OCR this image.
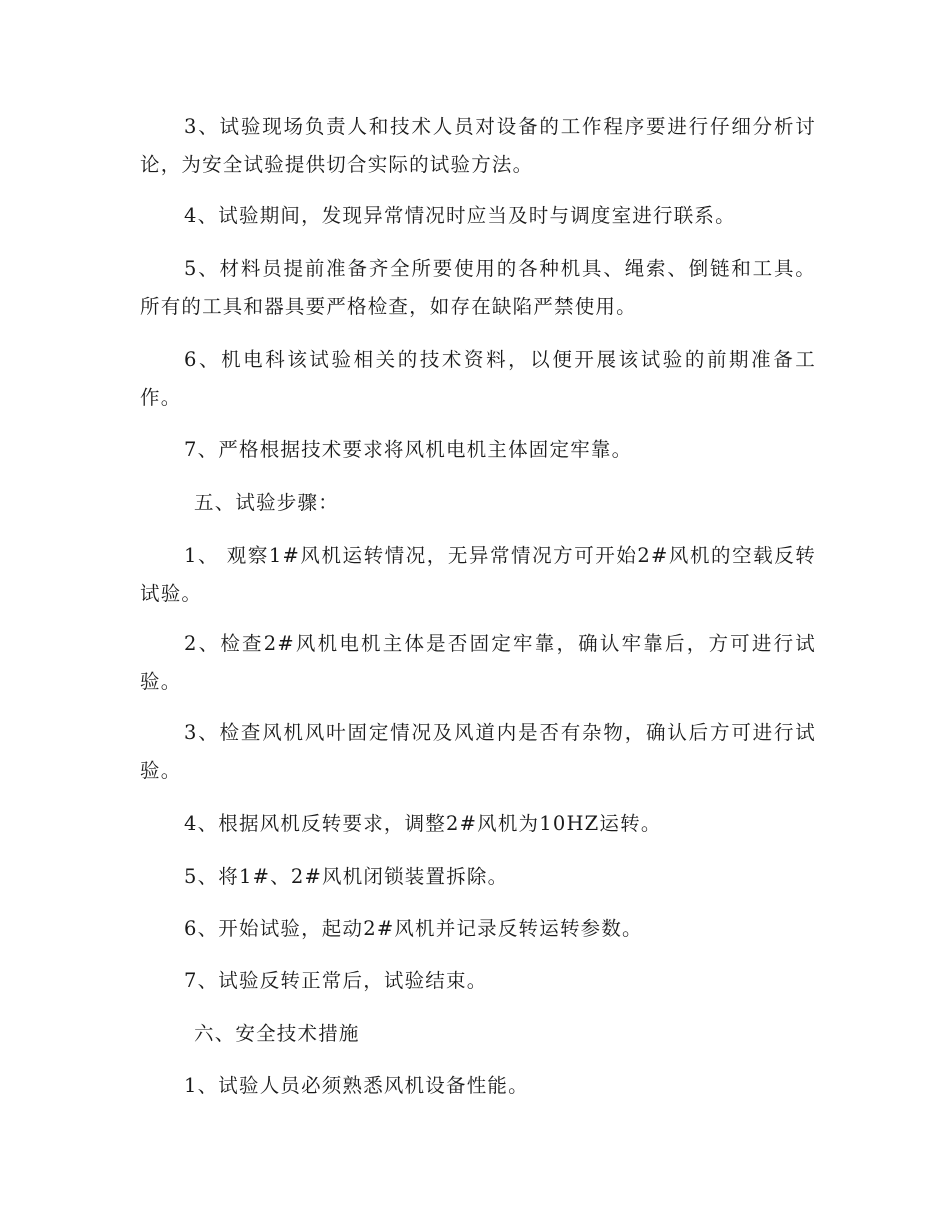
3、试验现场负责人和技术人员对设备的工作程序要进行仔细分析讨论，为安全试验提供切合实际的试验方法。

4、试验期间，发现异常情况时应当及时与调度室进行联系。

5、材料员提前准备齐全所要使用的各种机具、绳索、倒链和工具。所有的工具和器具要严格检查，如存在缺陷严禁使用。

6、机电科该试验相关的技术资料，以便开展该试验的前期准备工作。

7、严格根据技术要求将风机电机主体固定牢靠。

五、试验步骤：

1、 观察1#风机运转情况，无异常情况方可开始2#风机的空载反转试验。

2、检查2#风机电机主体是否固定牢靠，确认牢靠后，方可进行试验。

3、检查风机风叶固定情况及风道内是否有杂物，确认后方可进行试验。

4、根据风机反转要求，调整2#风机为10HZ运转。

5、将1#、2#风机闭锁装置拆除。

6、开始试验，起动2#风机并记录反转运转参数。

7、试验反转正常后，试验结束。

六、安全技术措施

1、试验人员必须熟悉风机设备性能。
